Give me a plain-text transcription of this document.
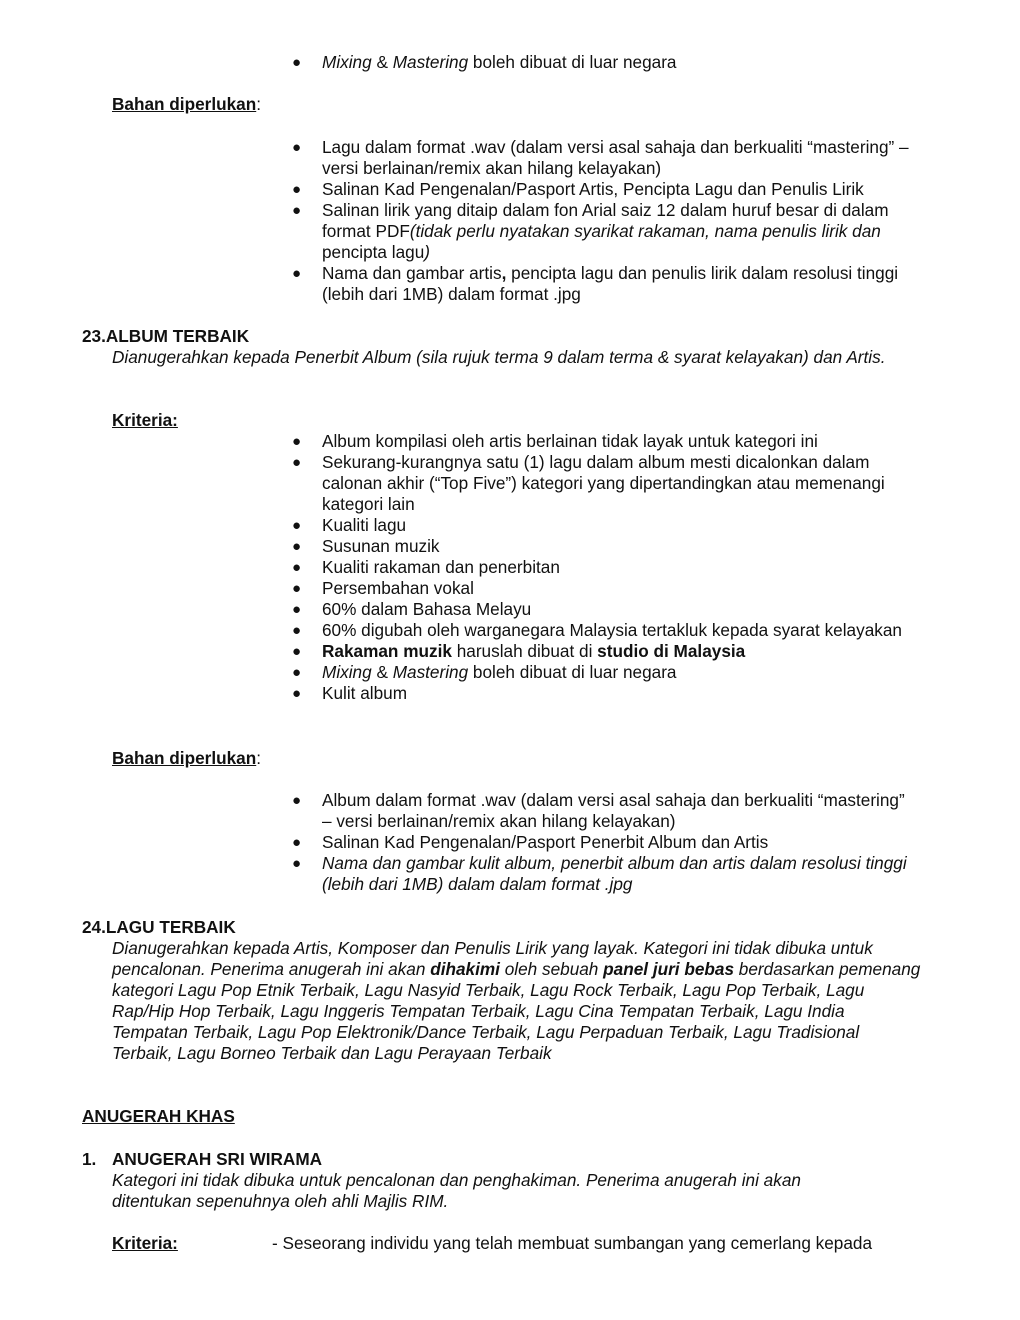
● Mixing & Mastering boleh dibuat di luar negara
Bahan diperlukan:
● Lagu dalam format .wav (dalam versi asal sahaja dan berkualiti “mastering” – versi berlainan/remix akan hilang kelayakan)
● Salinan Kad Pengenalan/Pasport Artis, Pencipta Lagu dan Penulis Lirik
● Salinan lirik yang ditaip dalam fon Arial saiz 12 dalam huruf besar di dalam format PDF(tidak perlu nyatakan syarikat rakaman, nama penulis lirik dan pencipta lagu)
● Nama dan gambar artis, pencipta lagu dan penulis lirik dalam resolusi tinggi (lebih dari 1MB) dalam format .jpg
23.ALBUM TERBAIK
Dianugerahkan kepada Penerbit Album (sila rujuk terma 9 dalam terma & syarat kelayakan) dan Artis.
Kriteria:
● Album kompilasi oleh artis berlainan tidak layak untuk kategori ini
● Sekurang-kurangnya satu (1) lagu dalam album mesti dicalonkan dalam calonan akhir (“Top Five”) kategori yang dipertandingkan atau memenangi kategori lain
● Kualiti lagu
● Susunan muzik
● Kualiti rakaman dan penerbitan
● Persembahan vokal
● 60% dalam Bahasa Melayu
● 60% digubah oleh warganegara Malaysia tertakluk kepada syarat kelayakan
● Rakaman muzik haruslah dibuat di studio di Malaysia
● Mixing & Mastering boleh dibuat di luar negara
● Kulit album
Bahan diperlukan:
● Album dalam format .wav (dalam versi asal sahaja dan berkualiti “mastering” – versi berlainan/remix akan hilang kelayakan)
● Salinan Kad Pengenalan/Pasport Penerbit Album dan Artis
● Nama dan gambar kulit album, penerbit album dan artis dalam resolusi tinggi (lebih dari 1MB) dalam dalam format .jpg
24.LAGU TERBAIK
Dianugerahkan kepada Artis, Komposer dan Penulis Lirik yang layak. Kategori ini tidak dibuka untuk pencalonan. Penerima anugerah ini akan dihakimi oleh sebuah panel juri bebas berdasarkan pemenang kategori Lagu Pop Etnik Terbaik, Lagu Nasyid Terbaik, Lagu Rock Terbaik, Lagu Pop Terbaik, Lagu Rap/Hip Hop Terbaik, Lagu Inggeris Tempatan Terbaik, Lagu Cina Tempatan Terbaik, Lagu India Tempatan Terbaik, Lagu Pop Elektronik/Dance Terbaik, Lagu Perpaduan Terbaik, Lagu Tradisional Terbaik, Lagu Borneo Terbaik dan Lagu Perayaan Terbaik
ANUGERAH KHAS
1. ANUGERAH SRI WIRAMA
Kategori ini tidak dibuka untuk pencalonan dan penghakiman. Penerima anugerah ini akan ditentukan sepenuhnya oleh ahli Majlis RIM.
Kriteria:	- Seseorang individu yang telah membuat sumbangan yang cemerlang kepada
